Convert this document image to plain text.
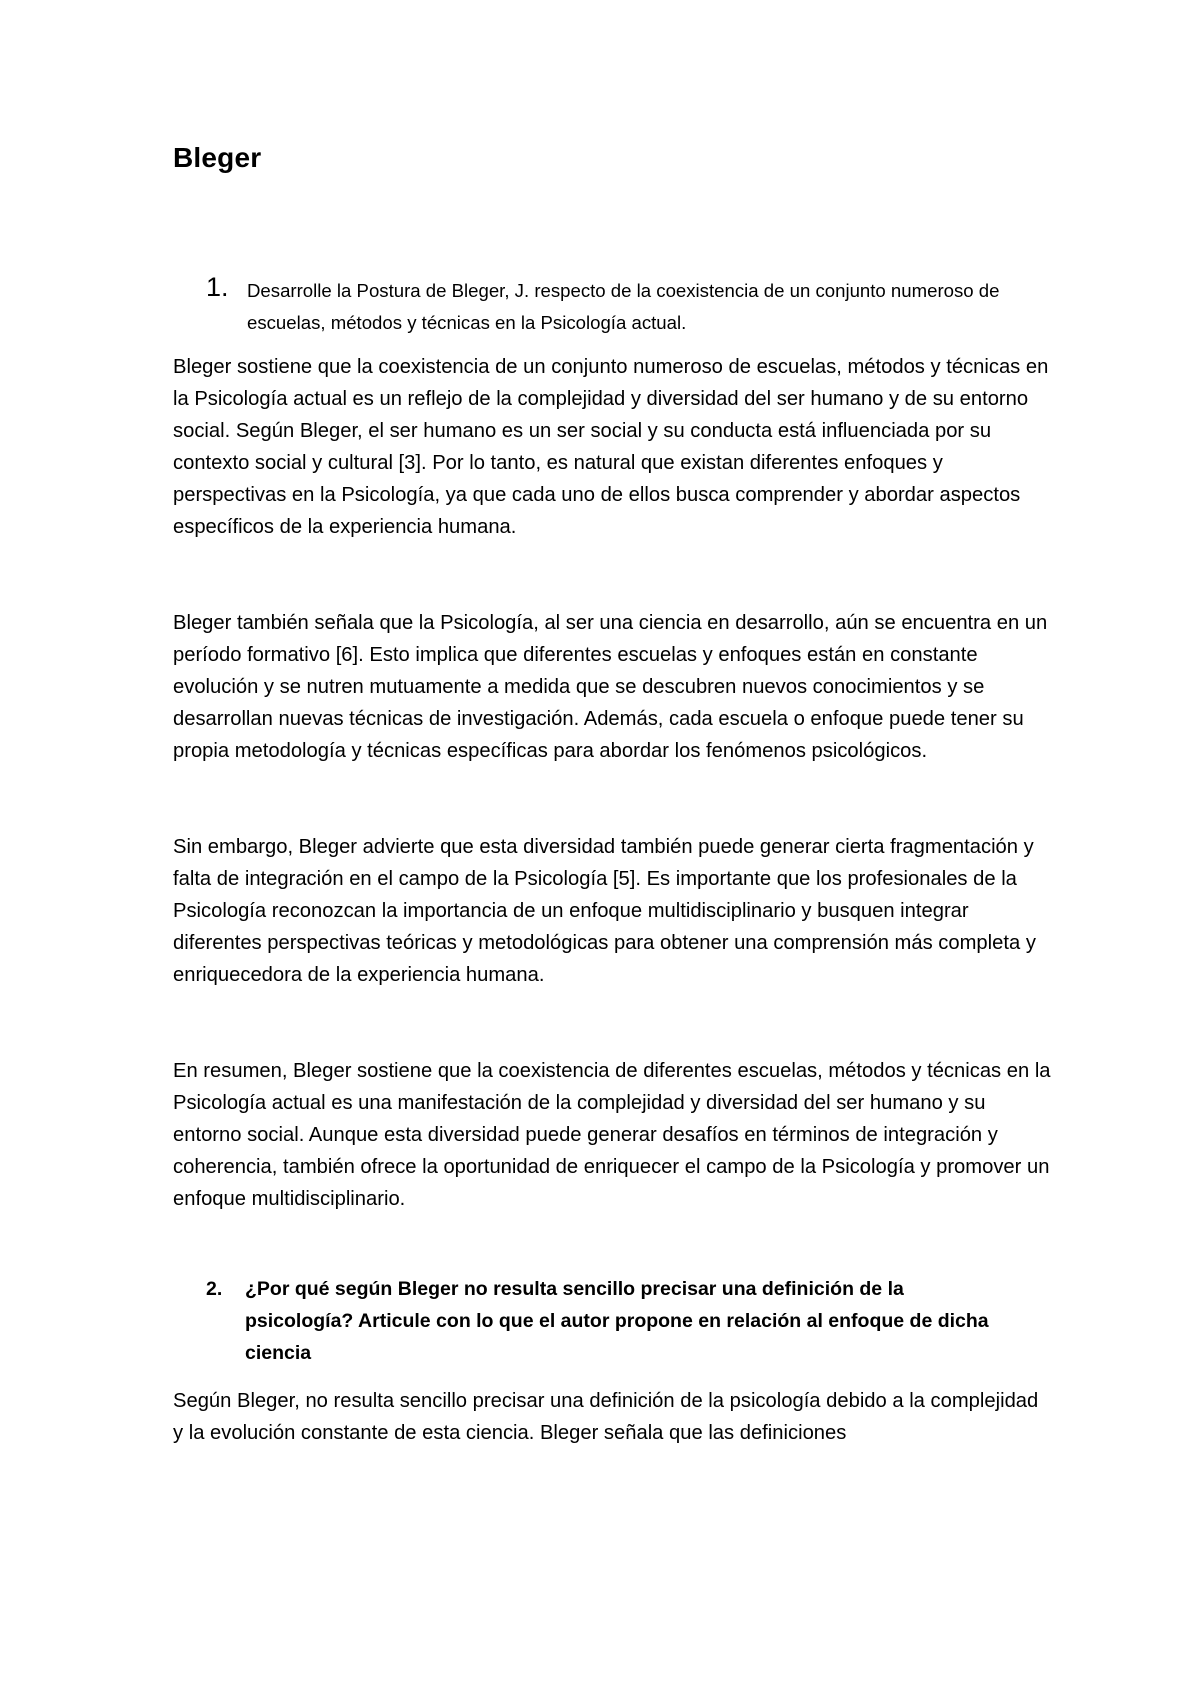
Bleger
1. Desarrolle la Postura de Bleger, J. respecto de la coexistencia de un conjunto numeroso de escuelas, métodos y técnicas en la Psicología actual.

Bleger sostiene que la coexistencia de un conjunto numeroso de escuelas, métodos y técnicas en la Psicología actual es un reflejo de la complejidad y diversidad del ser humano y de su entorno social. Según Bleger, el ser humano es un ser social y su conducta está influenciada por su contexto social y cultural [3]. Por lo tanto, es natural que existan diferentes enfoques y perspectivas en la Psicología, ya que cada uno de ellos busca comprender y abordar aspectos específicos de la experiencia humana.

Bleger también señala que la Psicología, al ser una ciencia en desarrollo, aún se encuentra en un período formativo [6]. Esto implica que diferentes escuelas y enfoques están en constante evolución y se nutren mutuamente a medida que se descubren nuevos conocimientos y se desarrollan nuevas técnicas de investigación. Además, cada escuela o enfoque puede tener su propia metodología y técnicas específicas para abordar los fenómenos psicológicos.

Sin embargo, Bleger advierte que esta diversidad también puede generar cierta fragmentación y falta de integración en el campo de la Psicología [5]. Es importante que los profesionales de la Psicología reconozcan la importancia de un enfoque multidisciplinario y busquen integrar diferentes perspectivas teóricas y metodológicas para obtener una comprensión más completa y enriquecedora de la experiencia humana.

En resumen, Bleger sostiene que la coexistencia de diferentes escuelas, métodos y técnicas en la Psicología actual es una manifestación de la complejidad y diversidad del ser humano y su entorno social. Aunque esta diversidad puede generar desafíos en términos de integración y coherencia, también ofrece la oportunidad de enriquecer el campo de la Psicología y promover un enfoque multidisciplinario.

2.	¿Por qué según Bleger no resulta sencillo precisar una definición de la psicología? Articule con lo que el autor propone en relación al enfoque de dicha ciencia

Según Bleger, no resulta sencillo precisar una definición de la psicología debido a la complejidad y la evolución constante de esta ciencia. Bleger señala que las definiciones
